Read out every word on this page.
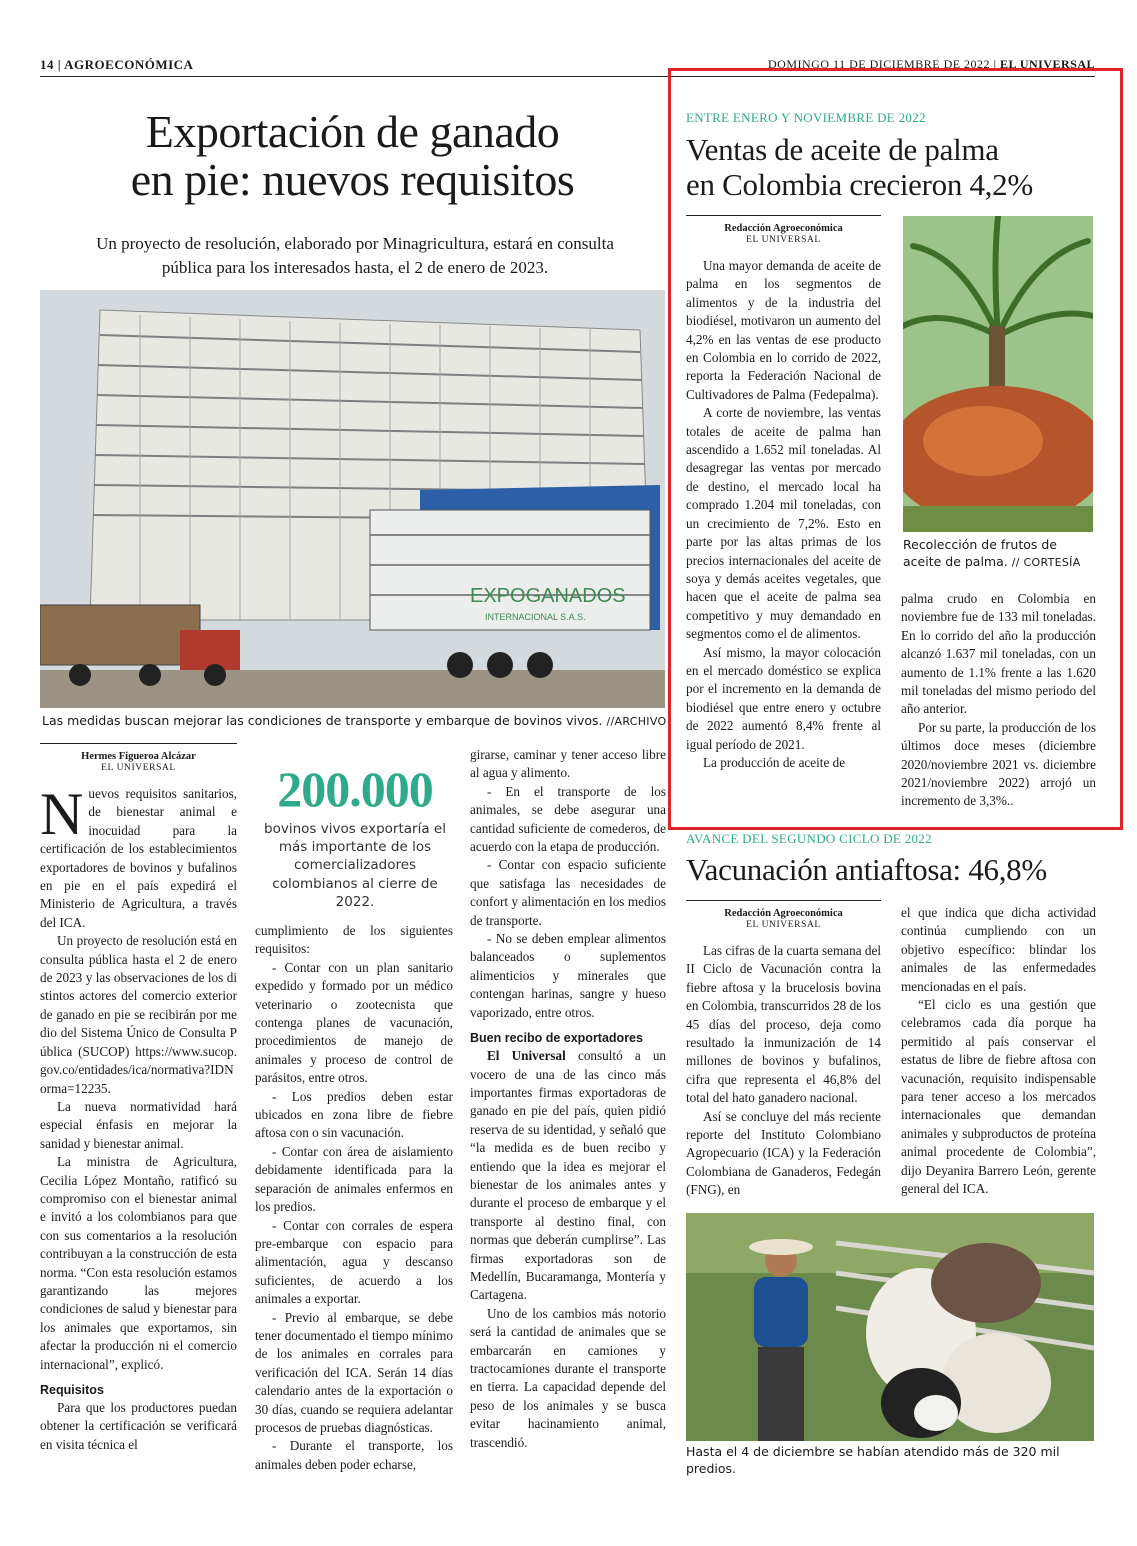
14 | AGROECONÓMICA	DOMINGO 11 DE DICIEMBRE DE 2022 | EL UNIVERSAL
Exportación de ganado
en pie: nuevos requisitos
Un proyecto de resolución, elaborado por Minagricultura, estará en consulta pública para los interesados hasta, el 2 de enero de 2023.
EXPOGANADOS
INTERNACIONAL S.A.S.
Las medidas buscan mejorar las condiciones de transporte y embarque de bovinos vivos. //ARCHIVO
Hermes Figueroa Alcázar
EL UNIVERSAL

Nuevos requisitos sanitarios, de bienestar animal e inocuidad para la certificación de los establecimientos exportadores de bovinos y bufalinos en pie en el país expedirá el Ministerio de Agricultura, a través del ICA.

Un proyecto de resolución está en consulta pública hasta el 2 de enero de 2023 y las observaciones de los distintos actores del comercio exterior de ganado en pie se recibirán por medio del Sistema Único de Consulta Pública (SUCOP) https://www.sucop.gov.co/entidades/ica/normativa?IDNorma=12235.

La nueva normatividad hará especial énfasis en mejorar la sanidad y bienestar animal.

La ministra de Agricultura, Cecilia López Montaño, ratificó su compromiso con el bienestar animal e invitó a los colombianos para que con sus comentarios a la resolución contribuyan a la construcción de esta norma. “Con esta resolución estamos garantizando las mejores condiciones de salud y bienestar para los animales que exportamos, sin afectar la producción ni el comercio internacional”, explicó.

Requisitos

Para que los productores puedan obtener la certificación se verificará en visita técnica el

200.000
bovinos vivos exportaría el más importante de los comercializadores colombianos al cierre de 2022.

cumplimiento de los siguientes requisitos:

- Contar con un plan sanitario expedido y formado por un médico veterinario o zootecnista que contenga planes de vacunación, procedimientos de manejo de animales y proceso de control de parásitos, entre otros.

- Los predios deben estar ubicados en zona libre de fiebre aftosa con o sin vacunación.

- Contar con área de aislamiento debidamente identificada para la separación de animales enfermos en los predios.

- Contar con corrales de espera pre-embarque con espacio para alimentación, agua y descanso suficientes, de acuerdo a los animales a exportar.

- Previo al embarque, se debe tener documentado el tiempo mínimo de los animales en corrales para verificación del ICA. Serán 14 días calendario antes de la exportación o 30 días, cuando se requiera adelantar procesos de pruebas diagnósticas.

- Durante el transporte, los animales deben poder echarse,

girarse, caminar y tener acceso libre al agua y alimento.

- En el transporte de los animales, se debe asegurar una cantidad suficiente de comederos, de acuerdo con la etapa de producción.

- Contar con espacio suficiente que satisfaga las necesidades de confort y alimentación en los medios de transporte.

- No se deben emplear alimentos balanceados o suplementos alimenticios y minerales que contengan harinas, sangre y hueso vaporizado, entre otros.

Buen recibo de exportadores

El Universal consultó a un vocero de una de las cinco más importantes firmas exportadoras de ganado en pie del país, quien pidió reserva de su identidad, y señaló que “la medida es de buen recibo y entiendo que la idea es mejorar el bienestar de los animales antes y durante el proceso de embarque y el transporte al destino final, con normas que deberán cumplirse”. Las firmas exportadoras son de Medellín, Bucaramanga, Montería y Cartagena.

Uno de los cambios más notorio será la cantidad de animales que se embarcarán en camiones y tractocamiones durante el transporte en tierra. La capacidad depende del peso de los animales y se busca evitar hacinamiento animal, trascendió.

ENTRE ENERO Y NOVIEMBRE DE 2022
Ventas de aceite de palma
en Colombia crecieron 4,2%
Redacción Agroeconómica
EL UNIVERSAL

Una mayor demanda de aceite de palma en los segmentos de alimentos y de la industria del biodiésel, motivaron un aumento del 4,2% en las ventas de ese producto en Colombia en lo corrido de 2022, reporta la Federación Nacional de Cultivadores de Palma (Fedepalma).

A corte de noviembre, las ventas totales de aceite de palma han ascendido a 1.652 mil toneladas. Al desagregar las ventas por mercado de destino, el mercado local ha comprado 1.204 mil toneladas, con un crecimiento de 7,2%. Esto en parte por las altas primas de los precios internacionales del aceite de soya y demás aceites vegetales, que hacen que el aceite de palma sea competitivo y muy demandado en segmentos como el de alimentos.

Así mismo, la mayor colocación en el mercado doméstico se explica por el incremento en la demanda de biodiésel que entre enero y octubre de 2022 aumentó 8,4% frente al igual período de 2021.

La producción de aceite de

Recolección de frutos de aceite de palma. // CORTESÍA

palma crudo en Colombia en noviembre fue de 133 mil toneladas. En lo corrido del año la producción alcanzó 1.637 mil toneladas, con un aumento de 1.1% frente a las 1.620 mil toneladas del mismo periodo del año anterior.

Por su parte, la producción de los últimos doce meses (diciembre 2020/noviembre 2021 vs. diciembre 2021/noviembre 2022) arrojó un incremento de 3,3%..

AVANCE DEL SEGUNDO CICLO DE 2022
Vacunación antiaftosa: 46,8%
Redacción Agroeconómica
EL UNIVERSAL

Las cifras de la cuarta semana del II Ciclo de Vacunación contra la fiebre aftosa y la brucelosis bovina en Colombia, transcurridos 28 de los 45 días del proceso, deja como resultado la inmunización de 14 millones de bovinos y bufalinos, cifra que representa el 46,8% del total del hato ganadero nacional.

Así se concluye del más reciente reporte del Instituto Colombiano Agropecuario (ICA) y la Federación Colombiana de Ganaderos, Fedegán (FNG), en

el que indica que dicha actividad continúa cumpliendo con un objetivo específico: blindar los animales de las enfermedades mencionadas en el país.

“El ciclo es una gestión que celebramos cada día porque ha permitido al país conservar el estatus de libre de fiebre aftosa con vacunación, requisito indispensable para tener acceso a los mercados internacionales que demandan animales y subproductos de proteína animal procedente de Colombia”, dijo Deyanira Barrero León, gerente general del ICA.

Hasta el 4 de diciembre se habían atendido más de 320 mil predios.
